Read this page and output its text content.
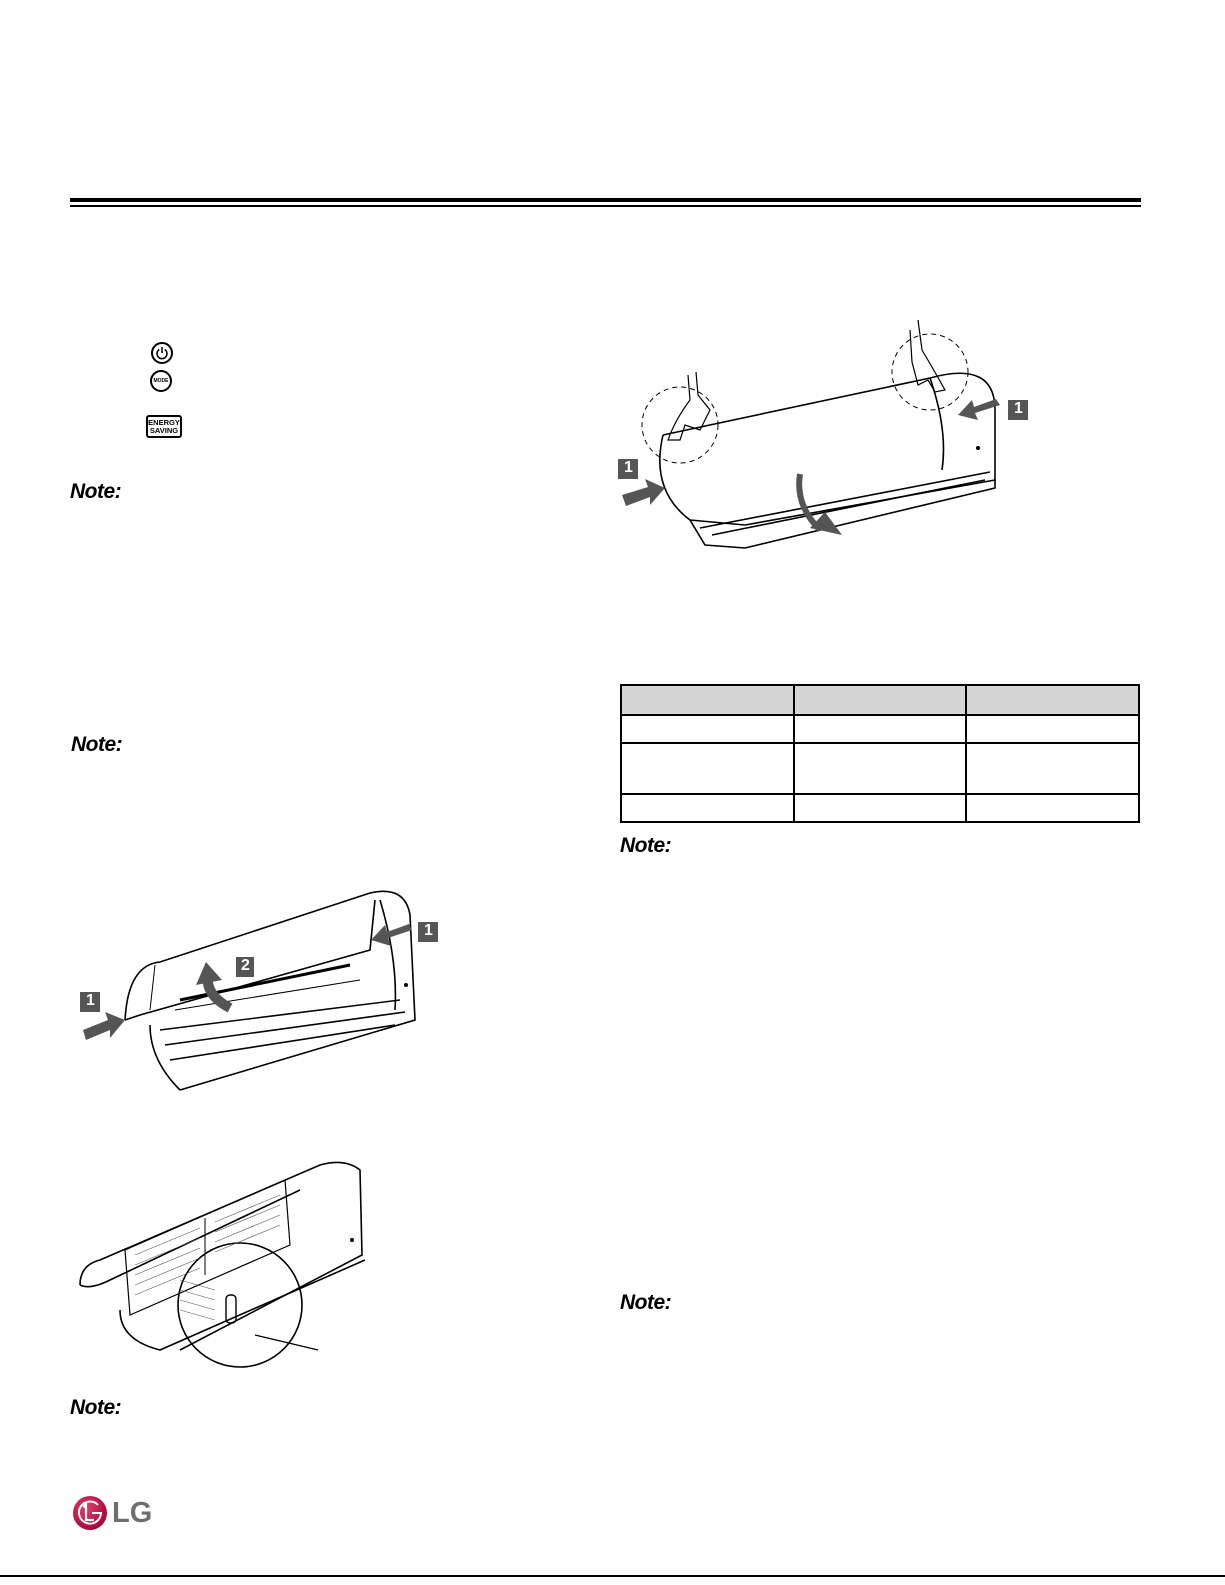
MODE
ENERGY
SAVING
Note:
Note:
Note:
Note:
Note:
1
1
1
1
2

LG
